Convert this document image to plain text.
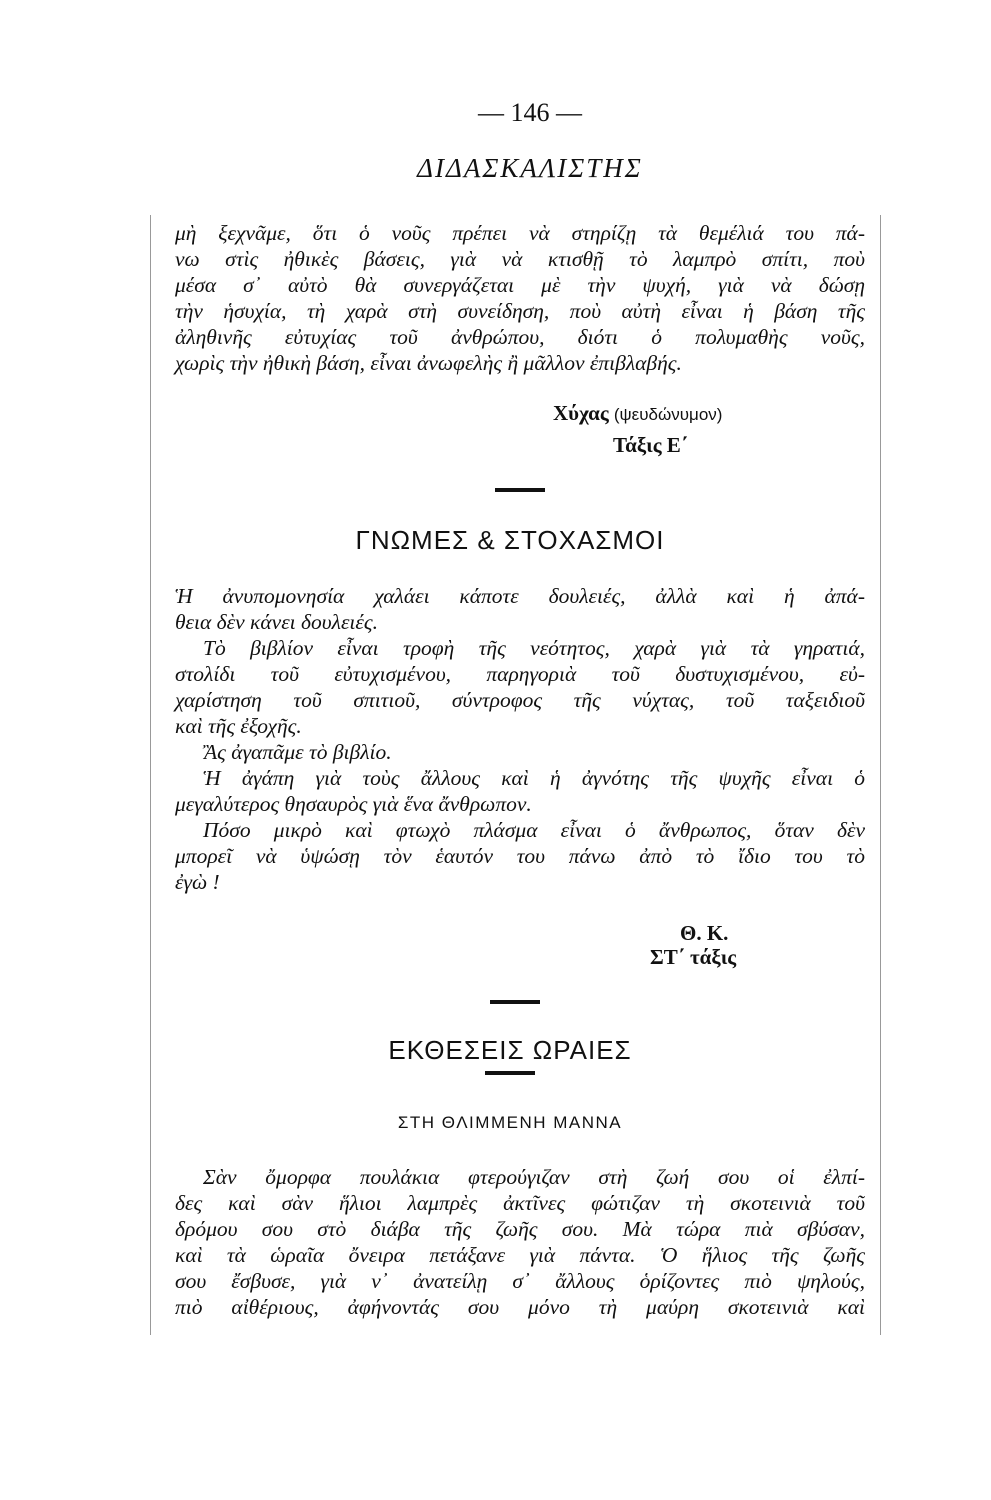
— 146 —
ΔΙΔΑΣΚΑΛΙΣΤΗΣ
μὴ ξεχνᾶμε, ὅτι ὁ νοῦς πρέπει νὰ στηρίζῃ τὰ θεμέλιά του πά-
νω στὶς ἠθικὲς βάσεις, γιὰ νὰ κτισθῇ τὸ λαμπρὸ σπίτι, ποὺ
μέσα σ᾿ αὐτὸ θὰ συνεργάζεται μὲ τὴν ψυχή, γιὰ νὰ δώσῃ
τὴν ἡσυχία, τὴ χαρὰ στὴ συνείδηση, ποὺ αὐτὴ εἶναι ἡ βάση τῆς
ἀληθινῆς εὐτυχίας τοῦ ἀνθρώπου, διότι ὁ πολυμαθὴς νοῦς,
χωρὶς τὴν ἠθικὴ βάση, εἶναι ἀνωφελὴς ἢ μᾶλλον ἐπιβλαβής.
Χύχας (ψευδώνυμον)
Τάξις Ε΄
ΓΝΩΜΕΣ & ΣΤΟΧΑΣΜΟΙ
Ἡ ἀνυπομονησία χαλάει κάποτε δουλειές, ἀλλὰ καὶ ἡ ἀπά-
θεια δὲν κάνει δουλειές.
Τὸ βιβλίον εἶναι τροφὴ τῆς νεότητος, χαρὰ γιὰ τὰ γηρατιά,
στολίδι τοῦ εὐτυχισμένου, παρηγοριὰ τοῦ δυστυχισμένου, εὐ-
χαρίστηση τοῦ σπιτιοῦ, σύντροφος τῆς νύχτας, τοῦ ταξειδιοῦ
καὶ τῆς ἐξοχῆς.
Ἂς ἀγαπᾶμε τὸ βιβλίο.
Ἡ ἀγάπη γιὰ τοὺς ἄλλους καὶ ἡ ἀγνότης τῆς ψυχῆς εἶναι ὁ
μεγαλύτερος θησαυρὸς γιὰ ἕνα ἄνθρωπον.
Πόσο μικρὸ καὶ φτωχὸ πλάσμα εἶναι ὁ ἄνθρωπος, ὅταν δὲν
μπορεῖ νὰ ὑψώσῃ τὸν ἑαυτόν του πάνω ἀπὸ τὸ ἴδιο του τὸ
ἐγὼ !
Θ. Κ.
ΣΤ΄ τάξις
ΕΚΘΕΣΕΙΣ ΩΡΑΙΕΣ
ΣΤΗ ΘΛΙΜΜΕΝΗ ΜΑΝΝΑ
Σὰν ὄμορφα πουλάκια φτερούγιζαν στὴ ζωή σου οἱ ἐλπί-
δες καὶ σὰν ἥλιοι λαμπρὲς ἀκτῖνες φώτιζαν τὴ σκοτεινιὰ τοῦ
δρόμου σου στὸ διάβα τῆς ζωῆς σου. Μὰ τώρα πιὰ σβύσαν,
καὶ τὰ ὡραῖα ὄνειρα πετάξανε γιὰ πάντα. Ὁ ἥλιος τῆς ζωῆς
σου ἔσβυσε, γιὰ ν᾿ ἀνατείλῃ σ᾿ ἄλλους ὁρίζοντες πιὸ ψηλούς,
πιὸ αἰθέριους, ἀφήνοντάς σου μόνο τὴ μαύρη σκοτεινιὰ καὶ
